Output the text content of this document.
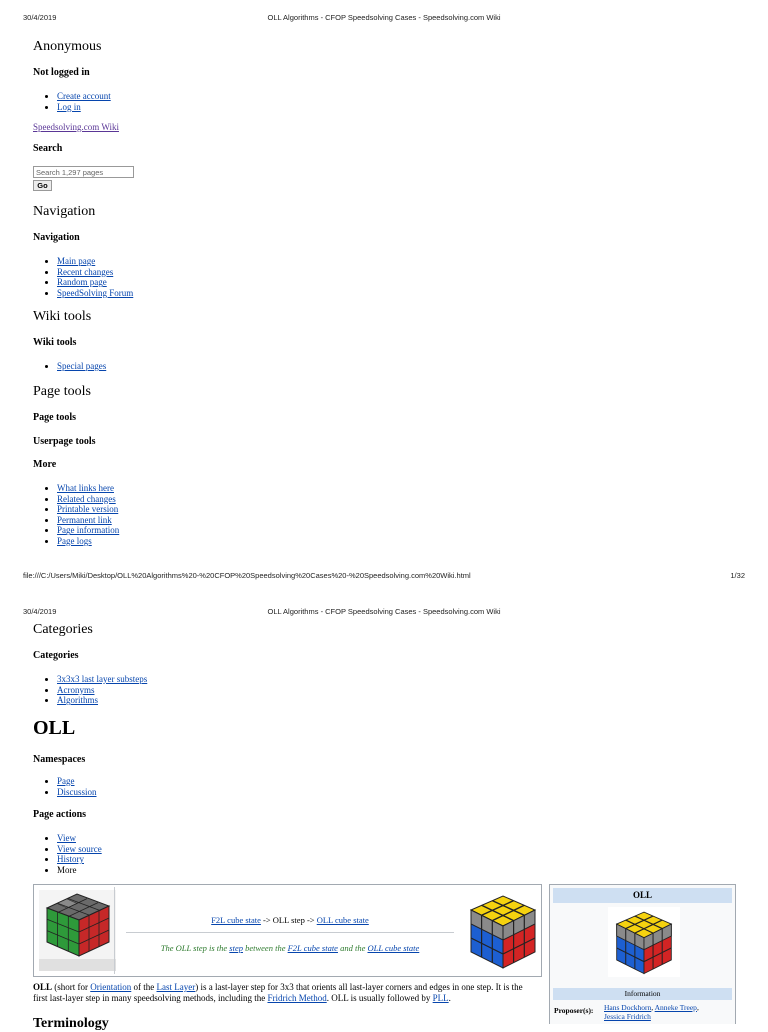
30/4/2019	OLL Algorithms - CFOP Speedsolving Cases - Speedsolving.com Wiki
Anonymous
Not logged in
• Create account
• Log in
Speedsolving.com Wiki
Search
Search 1,297 pages
Go
Navigation
Navigation
• Main page
• Recent changes
• Random page
• SpeedSolving Forum
Wiki tools
Wiki tools
• Special pages
Page tools
Page tools
Userpage tools
More
• What links here
• Related changes
• Printable version
• Permanent link
• Page information
• Page logs
file:///C:/Users/Miki/Desktop/OLL%20Algorithms%20-%20CFOP%20Speedsolving%20Cases%20-%20Speedsolving.com%20Wiki.html	1/32
30/4/2019	OLL Algorithms - CFOP Speedsolving Cases - Speedsolving.com Wiki
Categories
Categories
• 3x3x3 last layer substeps
• Acronyms
• Algorithms
OLL
Namespaces
• Page
• Discussion
Page actions
• View
• View source
• History
• More
F2L cube state -> OLL step -> OLL cube state
The OLL step is the step between the F2L cube state and the OLL cube state
OLL
Information
Proposer(s): Hans Dockhorn, Anneke Treep,
Jessica Fridrich
OLL (short for Orientation of the Last Layer) is a last-layer step for 3x3 that orients all last-layer corners and edges in one step. It is the first last-layer step in many speedsolving methods, including the Fridrich Method. OLL is usually followed by PLL.
Terminology
